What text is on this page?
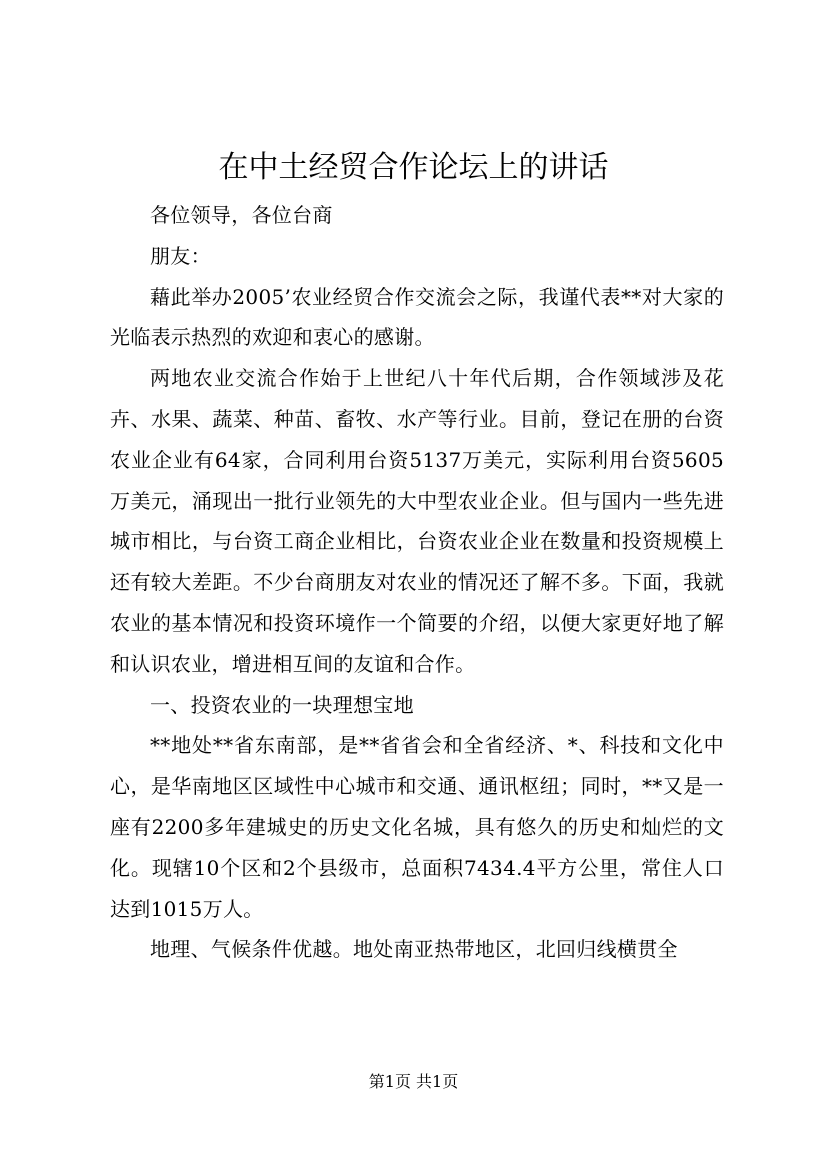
在中土经贸合作论坛上的讲话

各位领导，各位台商

朋友：

藉此举办2005’农业经贸合作交流会之际，我谨代表**对大家的光临表示热烈的欢迎和衷心的感谢。

两地农业交流合作始于上世纪八十年代后期，合作领域涉及花卉、水果、蔬菜、种苗、畜牧、水产等行业。目前，登记在册的台资农业企业有64家，合同利用台资5137万美元，实际利用台资5605万美元，涌现出一批行业领先的大中型农业企业。但与国内一些先进城市相比，与台资工商企业相比，台资农业企业在数量和投资规模上还有较大差距。不少台商朋友对农业的情况还了解不多。下面，我就农业的基本情况和投资环境作一个简要的介绍，以便大家更好地了解和认识农业，增进相互间的友谊和合作。

一、投资农业的一块理想宝地

**地处**省东南部，是**省省会和全省经济、*、科技和文化中心，是华南地区区域性中心城市和交通、通讯枢纽；同时，**又是一座有2200多年建城史的历史文化名城，具有悠久的历史和灿烂的文化。现辖10个区和2个县级市，总面积7434.4平方公里，常住人口达到1015万人。

地理、气候条件优越。地处南亚热带地区，北回归线横贯全

第1页 共1页
